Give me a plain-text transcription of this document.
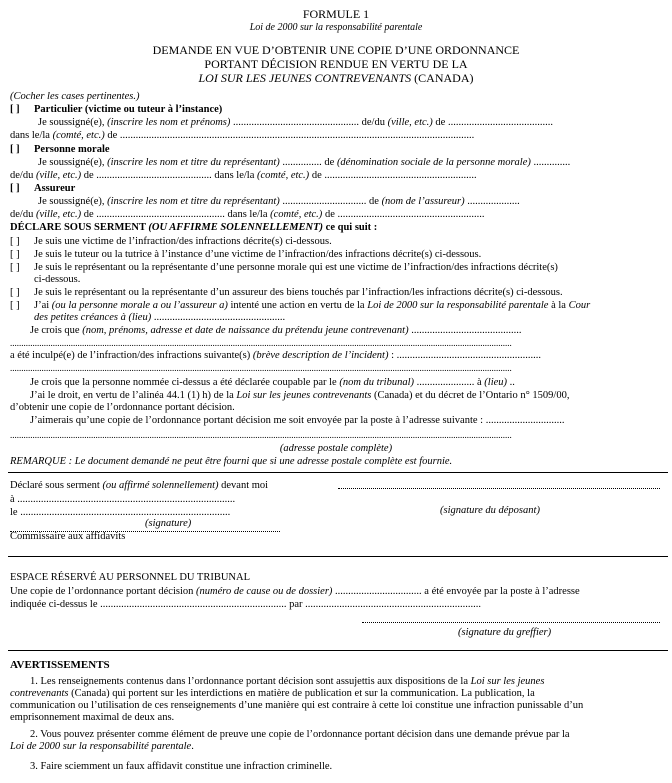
FORMULE 1
Loi de 2000 sur la responsabilité parentale
DEMANDE EN VUE D’OBTENIR UNE COPIE D’UNE ORDONNANCE
PORTANT DÉCISION RENDUE EN VERTU DE LA
LOI SUR LES JEUNES CONTREVENANTS (CANADA)
(Cocher les cases pertinentes.)
[ ] Particulier (victime ou tuteur à l’instance)
Je soussigné(e), (inscrire les nom et prénoms) ................................................ de/du (ville, etc.) de ........................................
dans le/la (comté, etc.) de .......................................................................................................................................
[ ] Personne morale
Je soussigné(e), (inscrire les nom et titre du représentant) ............... de (dénomination sociale de la personne morale) ..............
de/du (ville, etc.) de ............................................ dans le/la (comté, etc.) de ..........................................................
[ ] Assureur
Je soussigné(e), (inscrire les nom et titre du représentant) ................................ de (nom de l’assureur) ....................
de/du (ville, etc.) de ................................................. dans le/la (comté, etc.) de ........................................................
DÉCLARE SOUS SERMENT (OU AFFIRME SOLENNELLEMENT) ce qui suit :
[ ] Je suis une victime de l’infraction/des infractions décrite(s) ci-dessous.
[ ] Je suis le tuteur ou la tutrice à l’instance d’une victime de l’infraction/des infractions décrite(s) ci-dessous.
[ ] Je suis le représentant ou la représentante d’une personne morale qui est une victime de l’infraction/des infractions décrite(s)
ci-dessous.
[ ] Je suis le représentant ou la représentante d’un assureur des biens touchés par l’infraction/les infractions décrite(s) ci-dessous.
[ ] J’ai (ou la personne morale a ou l’assureur a) intenté une action en vertu de la Loi de 2000 sur la responsabilité parentale à la Cour
des petites créances à (lieu) ..................................................
Je crois que (nom, prénoms, adresse et date de naissance du prétendu jeune contrevenant) ..........................................
...............................................................................................................................................................................................................................
a été inculpé(e) de l’infraction/des infractions suivante(s) (brève description de l’incident) : .......................................................
...............................................................................................................................................................................................................................
Je crois que la personne nommée ci-dessus a été déclarée coupable par le (nom du tribunal) ...................... à (lieu) ..
J’ai le droit, en vertu de l’alinéa 44.1 (1) h) de la Loi sur les jeunes contrevenants (Canada) et du décret de l’Ontario n° 1509/00,
d’obtenir une copie de l’ordonnance portant décision.
J’aimerais qu’une copie de l’ordonnance portant décision me soit envoyée par la poste à l’adresse suivante : ..............................
...............................................................................................................................................................................................................................
(adresse postale complète)
REMARQUE : Le document demandé ne peut être fourni que si une adresse postale complète est fournie.
Déclaré sous serment (ou affirmé solennellement) devant moi
à ...................................................................................
le ................................................................................	(signature du déposant)
(signature)
Commissaire aux affidavits
ESPACE RÉSERVÉ AU PERSONNEL DU TRIBUNAL
Une copie de l’ordonnance portant décision (numéro de cause ou de dossier) ................................. a été envoyée par la poste à l’adresse
indiquée ci-dessus le ....................................................................... par ...................................................................
(signature du greffier)
AVERTISSEMENTS
1. Les renseignements contenus dans l’ordonnance portant décision sont assujettis aux dispositions de la Loi sur les jeunes
contrevenants (Canada) qui portent sur les interdictions en matière de publication et sur la communication. La publication, la
communication ou l’utilisation de ces renseignements d’une manière qui est contraire à cette loi constitue une infraction punissable d’un
emprisonnement maximal de deux ans.
2. Vous pouvez présenter comme élément de preuve une copie de l’ordonnance portant décision dans une demande prévue par la
Loi de 2000 sur la responsabilité parentale.
3. Faire sciemment un faux affidavit constitue une infraction criminelle.
